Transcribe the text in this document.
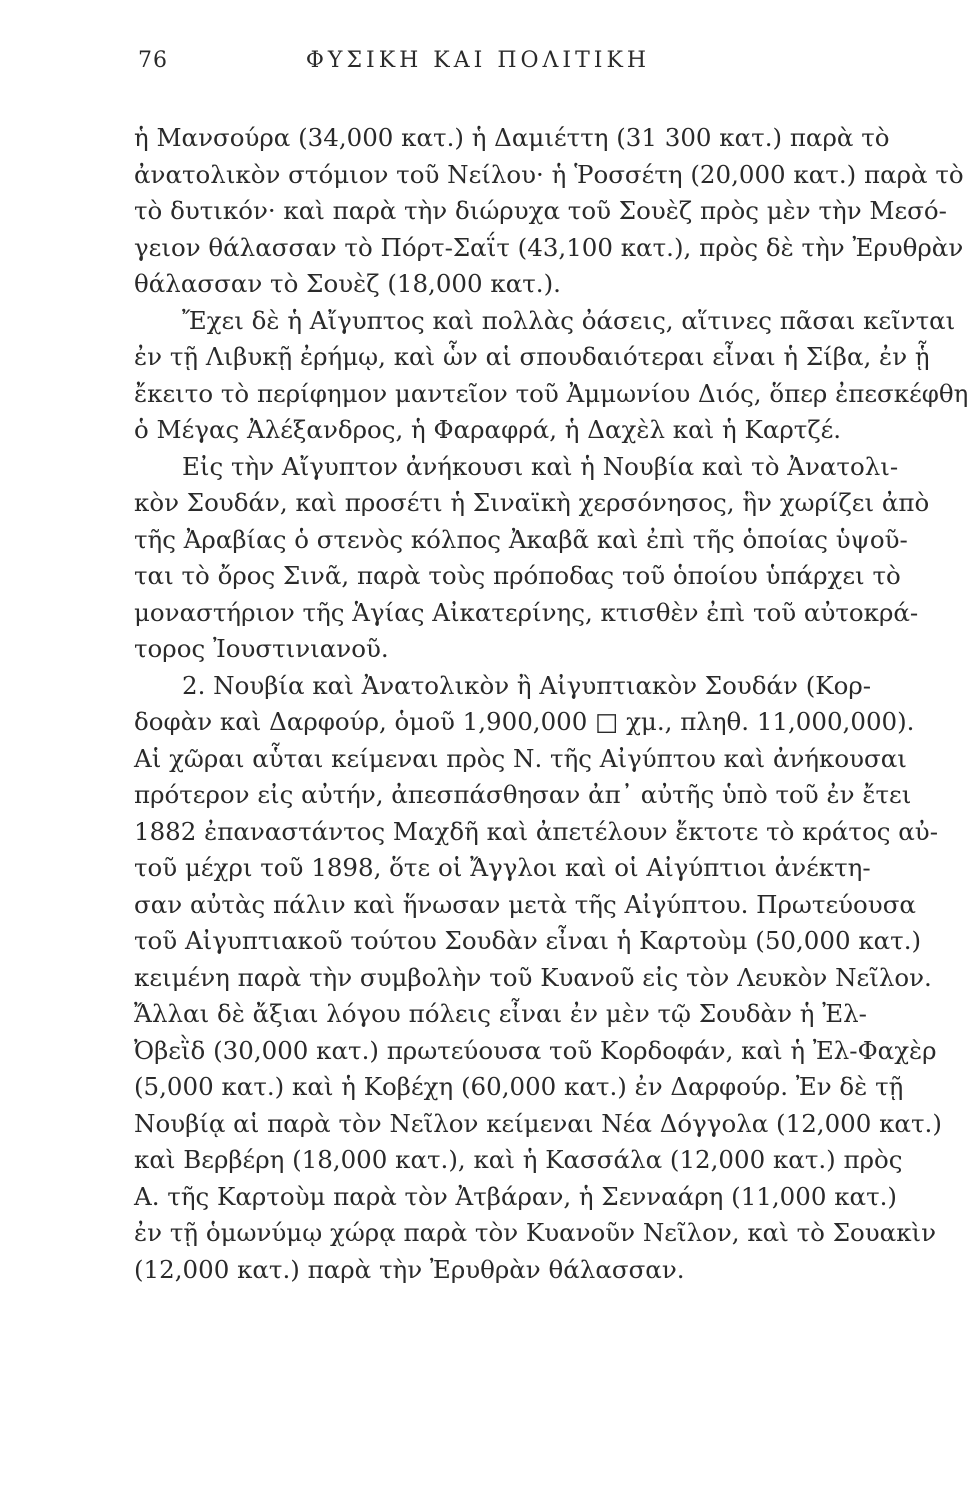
76	ΦΥΣΙΚΗ ΚΑΙ ΠΟΛΙΤΙΚΗ
ἡ Μανσούρα (34,000 κατ.) ἡ Δαμιέττη (31 300 κατ.) παρὰ τὸ
ἀνατολικὸν στόμιον τοῦ Νείλου· ἡ Ῥοσσέτη (20,000 κατ.) παρὰ τὸ
τὸ δυτικόν· καὶ παρὰ τὴν διώρυχα τοῦ Σουὲζ πρὸς μὲν τὴν Μεσό-
γειον θάλασσαν τὸ Πόρτ-Σαΐτ (43,100 κατ.), πρὸς δὲ τὴν Ἐρυθρὰν
θάλασσαν τὸ Σουὲζ (18,000 κατ.).
Ἔχει δὲ ἡ Αἴγυπτος καὶ πολλὰς ὀάσεις, αἵτινες πᾶσαι κεῖνται
ἐν τῇ Λιβυκῇ ἐρήμῳ, καὶ ὧν αἱ σπουδαιότεραι εἶναι ἡ Σίβα, ἐν ᾗ
ἔκειτο τὸ περίφημον μαντεῖον τοῦ Ἀμμωνίου Διός, ὅπερ ἐπεσκέφθη
ὁ Μέγας Ἀλέξανδρος, ἡ Φαραφρά, ἡ Δαχὲλ καὶ ἡ Καρτζέ.
Εἰς τὴν Αἴγυπτον ἀνήκουσι καὶ ἡ Νουβία καὶ τὸ Ἀνατολι-
κὸν Σουδάν, καὶ προσέτι ἡ Σιναϊκὴ χερσόνησος, ἣν χωρίζει ἀπὸ
τῆς Ἀραβίας ὁ στενὸς κόλπος Ἀκαβᾶ καὶ ἐπὶ τῆς ὁποίας ὑψοῦ-
ται τὸ ὄρος Σινᾶ, παρὰ τοὺς πρόποδας τοῦ ὁποίου ὑπάρχει τὸ
μοναστήριον τῆς Ἁγίας Αἰκατερίνης, κτισθὲν ἐπὶ τοῦ αὐτοκρά-
τορος Ἰουστινιανοῦ.
2. Νουβία καὶ Ἀνατολικὸν ἢ Αἰγυπτιακὸν Σουδάν (Κορ-
δοφὰν καὶ Δαρφούρ, ὁμοῦ 1,900,000 □ χμ., πληθ. 11,000,000).
Αἱ χῶραι αὗται κείμεναι πρὸς Ν. τῆς Αἰγύπτου καὶ ἀνήκουσαι
πρότερον εἰς αὐτήν, ἀπεσπάσθησαν ἀπ᾿ αὐτῆς ὑπὸ τοῦ ἐν ἔτει
1882 ἐπαναστάντος Μαχδῆ καὶ ἀπετέλουν ἔκτοτε τὸ κράτος αὐ-
τοῦ μέχρι τοῦ 1898, ὅτε οἱ Ἄγγλοι καὶ οἱ Αἰγύπτιοι ἀνέκτη-
σαν αὐτὰς πάλιν καὶ ἥνωσαν μετὰ τῆς Αἰγύπτου. Πρωτεύουσα
τοῦ Αἰγυπτιακοῦ τούτου Σουδὰν εἶναι ἡ Καρτοὺμ (50,000 κατ.)
κειμένη παρὰ τὴν συμβολὴν τοῦ Κυανοῦ εἰς τὸν Λευκὸν Νεῖλον.
Ἄλλαι δὲ ἄξιαι λόγου πόλεις εἶναι ἐν μὲν τῷ Σουδὰν ἡ Ἐλ-
Ὀβεῒδ (30,000 κατ.) πρωτεύουσα τοῦ Κορδοφάν, καὶ ἡ Ἐλ-Φαχὲρ
(5,000 κατ.) καὶ ἡ Κοβέχη (60,000 κατ.) ἐν Δαρφούρ. Ἐν δὲ τῇ
Νουβίᾳ αἱ παρὰ τὸν Νεῖλον κείμεναι Νέα Δόγγολα (12,000 κατ.)
καὶ Βερβέρη (18,000 κατ.), καὶ ἡ Κασσάλα (12,000 κατ.) πρὸς
Α. τῆς Καρτοὺμ παρὰ τὸν Ἀτβάραν, ἡ Σενναάρη (11,000 κατ.)
ἐν τῇ ὁμωνύμῳ χώρᾳ παρὰ τὸν Κυανοῦν Νεῖλον, καὶ τὸ Σουακὶν
(12,000 κατ.) παρὰ τὴν Ἐρυθρὰν θάλασσαν.
